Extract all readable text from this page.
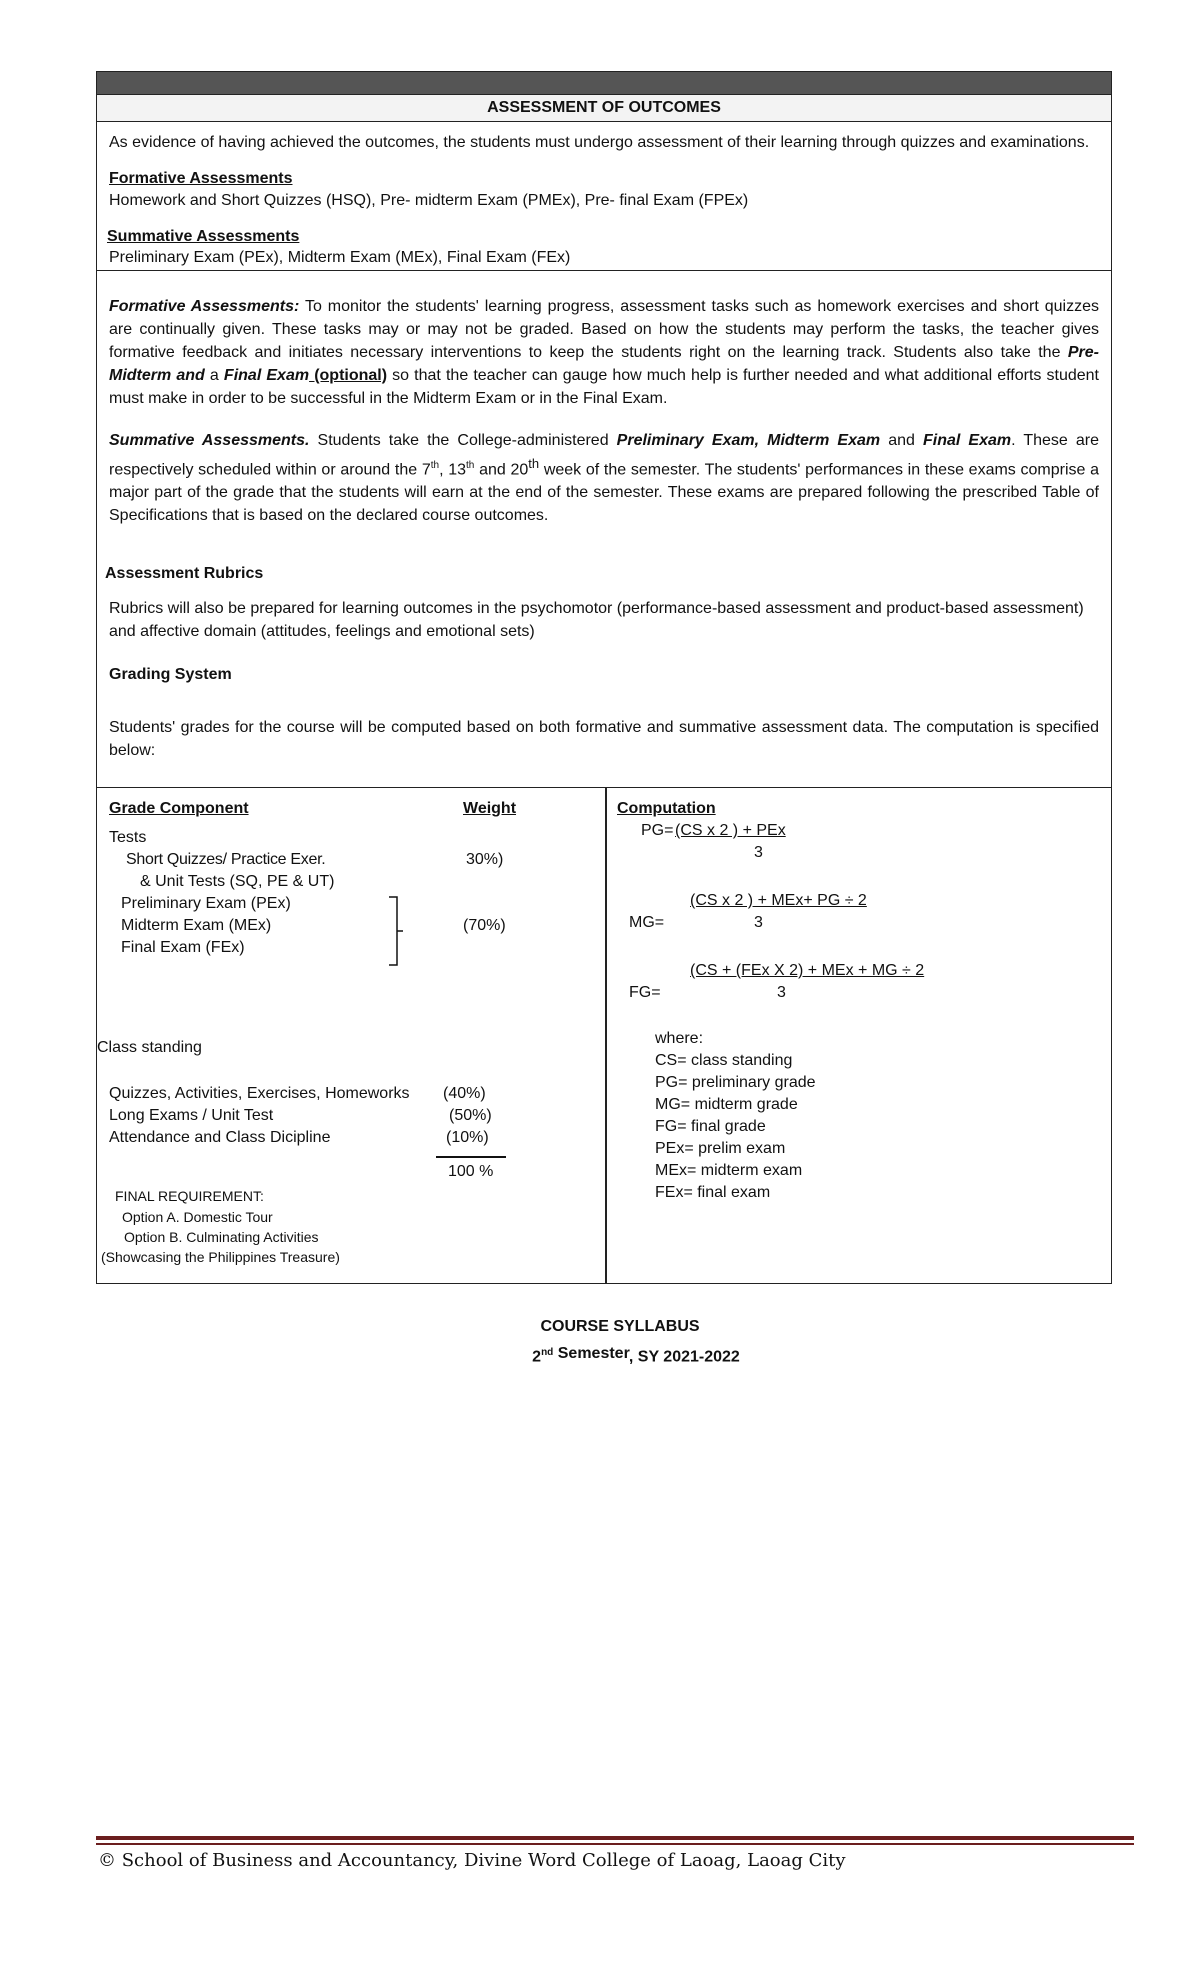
ASSESSMENT OF OUTCOMES
As evidence of having achieved the outcomes, the students must undergo assessment of their learning through quizzes and examinations.
Formative Assessments
Homework and Short Quizzes (HSQ), Pre- midterm Exam (PMEx), Pre- final Exam (FPEx)
Summative Assessments
Preliminary Exam (PEx), Midterm Exam (MEx), Final Exam (FEx)
Formative Assessments: To monitor the students' learning progress, assessment tasks such as homework exercises and short quizzes are continually given. These tasks may or may not be graded. Based on how the students may perform the tasks, the teacher gives formative feedback and initiates necessary interventions to keep the students right on the learning track. Students also take the Pre-Midterm and a Final Exam (optional) so that the teacher can gauge how much help is further needed and what additional efforts student must make in order to be successful in the Midterm Exam or in the Final Exam.
Summative Assessments. Students take the College-administered Preliminary Exam, Midterm Exam and Final Exam. These are respectively scheduled within or around the 7th, 13th and 20th week of the semester. The students' performances in these exams comprise a major part of the grade that the students will earn at the end of the semester. These exams are prepared following the prescribed Table of Specifications that is based on the declared course outcomes.
Assessment Rubrics
Rubrics will also be prepared for learning outcomes in the psychomotor (performance-based assessment and product-based assessment) and affective domain (attitudes, feelings and emotional sets)
Grading System
Students' grades for the course will be computed based on both formative and summative assessment data. The computation is specified below:
Grade Component	Weight
Tests
Short Quizzes/ Practice Exer.	30%)
& Unit Tests (SQ, PE & UT)
Preliminary Exam (PEx)
Midterm Exam (MEx)	(70%)
Final Exam (FEx)
Class standing
Quizzes, Activities, Exercises, Homeworks (40%)
Long Exams / Unit Test	(50%)
Attendance and Class Dicipline	(10%)
100 %
FINAL REQUIREMENT:
Option A. Domestic Tour
Option B. Culminating Activities
(Showcasing the Philippines Treasure)
Computation
PG= (CS x 2 ) + PEx
3
(CS x 2 ) + MEx+ PG ÷ 2
MG=	3
(CS + (FEx X 2) + MEx + MG ÷ 2
FG=	3
where:
CS= class standing
PG= preliminary grade
MG= midterm grade
FG= final grade
PEx= prelim exam
MEx= midterm exam
FEx= final exam
COURSE SYLLABUS
2nd Semester, SY 2021-2022
© School of Business and Accountancy, Divine Word College of Laoag, Laoag City
